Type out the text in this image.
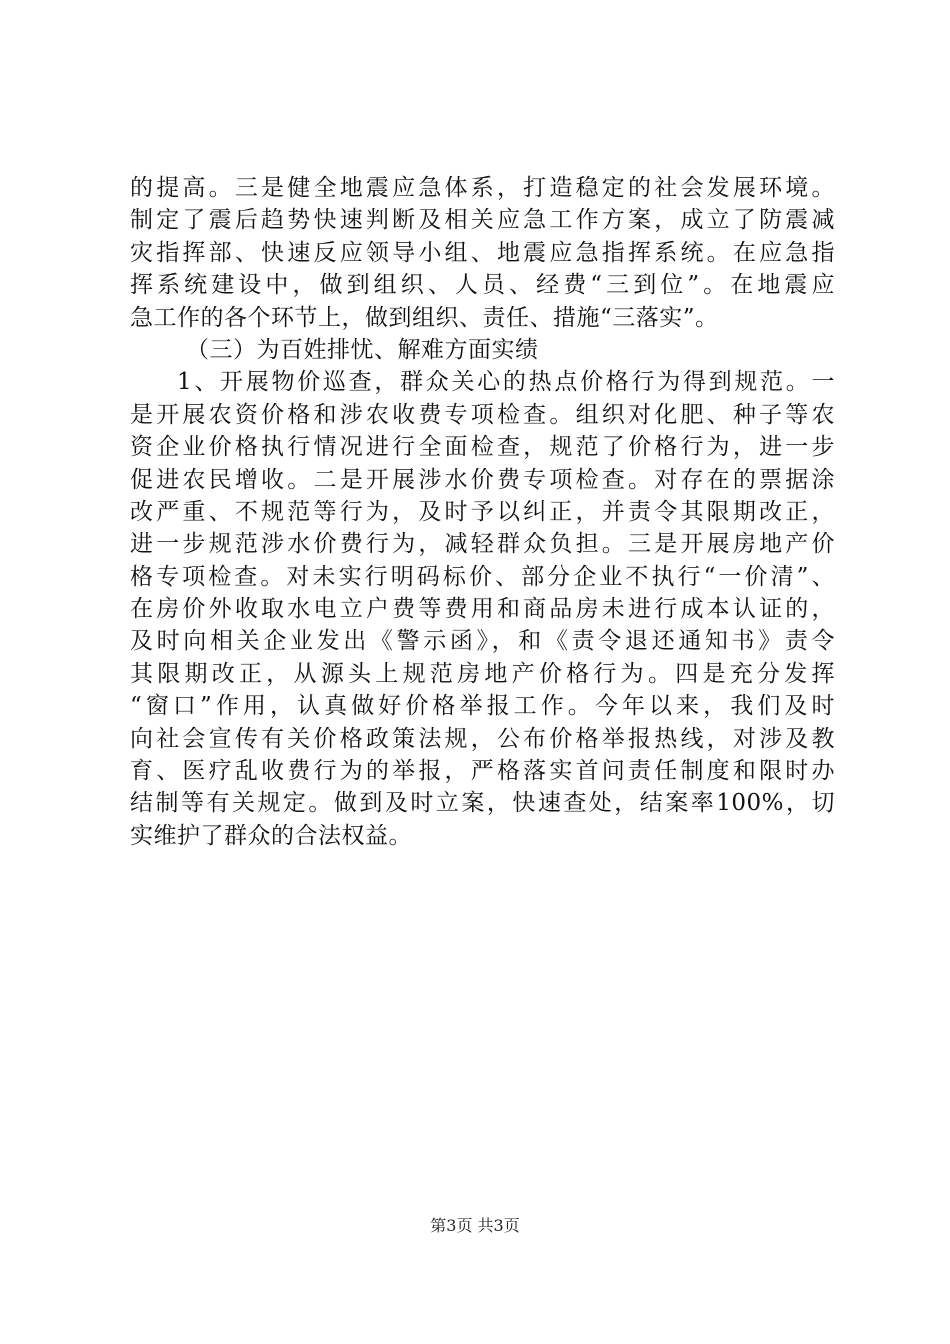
的提高。三是健全地震应急体系，打造稳定的社会发展环境。
制定了震后趋势快速判断及相关应急工作方案，成立了防震减
灾指挥部、快速反应领导小组、地震应急指挥系统。在应急指
挥系统建设中，做到组织、人员、经费“三到位”。在地震应
急工作的各个环节上，做到组织、责任、措施“三落实”。
（三）为百姓排忧、解难方面实绩
1、开展物价巡查，群众关心的热点价格行为得到规范。一
是开展农资价格和涉农收费专项检查。组织对化肥、种子等农
资企业价格执行情况进行全面检查，规范了价格行为，进一步
促进农民增收。二是开展涉水价费专项检查。对存在的票据涂
改严重、不规范等行为，及时予以纠正，并责令其限期改正，
进一步规范涉水价费行为，减轻群众负担。三是开展房地产价
格专项检查。对未实行明码标价、部分企业不执行“一价清”、
在房价外收取水电立户费等费用和商品房未进行成本认证的，
及时向相关企业发出《警示函》，和《责令退还通知书》责令
其限期改正，从源头上规范房地产价格行为。四是充分发挥
“窗口”作用，认真做好价格举报工作。今年以来，我们及时
向社会宣传有关价格政策法规，公布价格举报热线，对涉及教
育、医疗乱收费行为的举报，严格落实首问责任制度和限时办
结制等有关规定。做到及时立案，快速查处，结案率100%，切
实维护了群众的合法权益。
第3页 共3页
